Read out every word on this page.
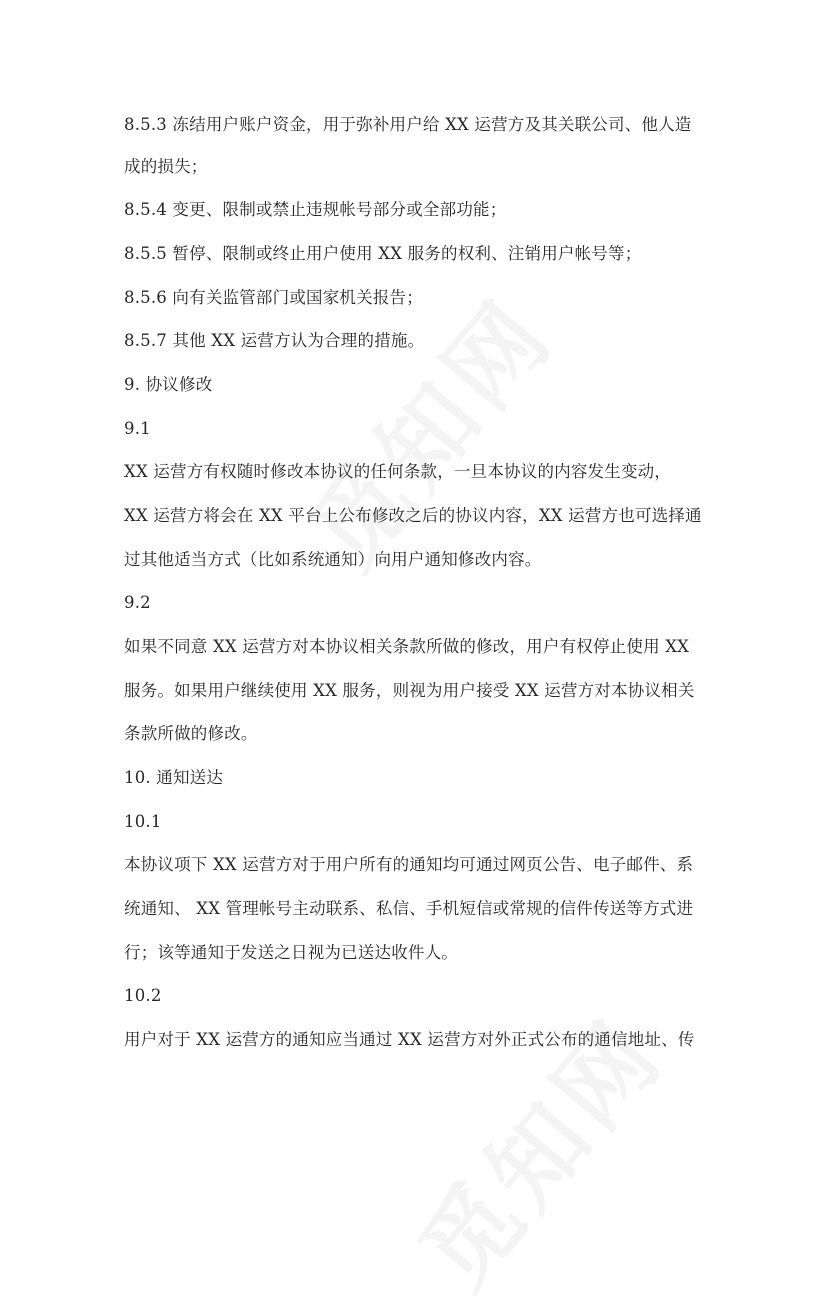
8.5.3 冻结用户账户资金，用于弥补用户给 XX 运营方及其关联公司、他人造
成的损失；
8.5.4 变更、限制或禁止违规帐号部分或全部功能；
8.5.5 暂停、限制或终止用户使用 XX 服务的权利、注销用户帐号等；
8.5.6 向有关监管部门或国家机关报告；
8.5.7 其他 XX 运营方认为合理的措施。
9. 协议修改
9.1
XX 运营方有权随时修改本协议的任何条款，一旦本协议的内容发生变动，
XX 运营方将会在 XX 平台上公布修改之后的协议内容，XX 运营方也可选择通
过其他适当方式（比如系统通知）向用户通知修改内容。
9.2
如果不同意 XX 运营方对本协议相关条款所做的修改，用户有权停止使用 XX
服务。如果用户继续使用 XX 服务，则视为用户接受 XX 运营方对本协议相关
条款所做的修改。
10. 通知送达
10.1
本协议项下 XX 运营方对于用户所有的通知均可通过网页公告、电子邮件、系
统通知、 XX 管理帐号主动联系、私信、手机短信或常规的信件传送等方式进
行；该等通知于发送之日视为已送达收件人。
10.2
用户对于 XX 运营方的通知应当通过 XX 运营方对外正式公布的通信地址、传
